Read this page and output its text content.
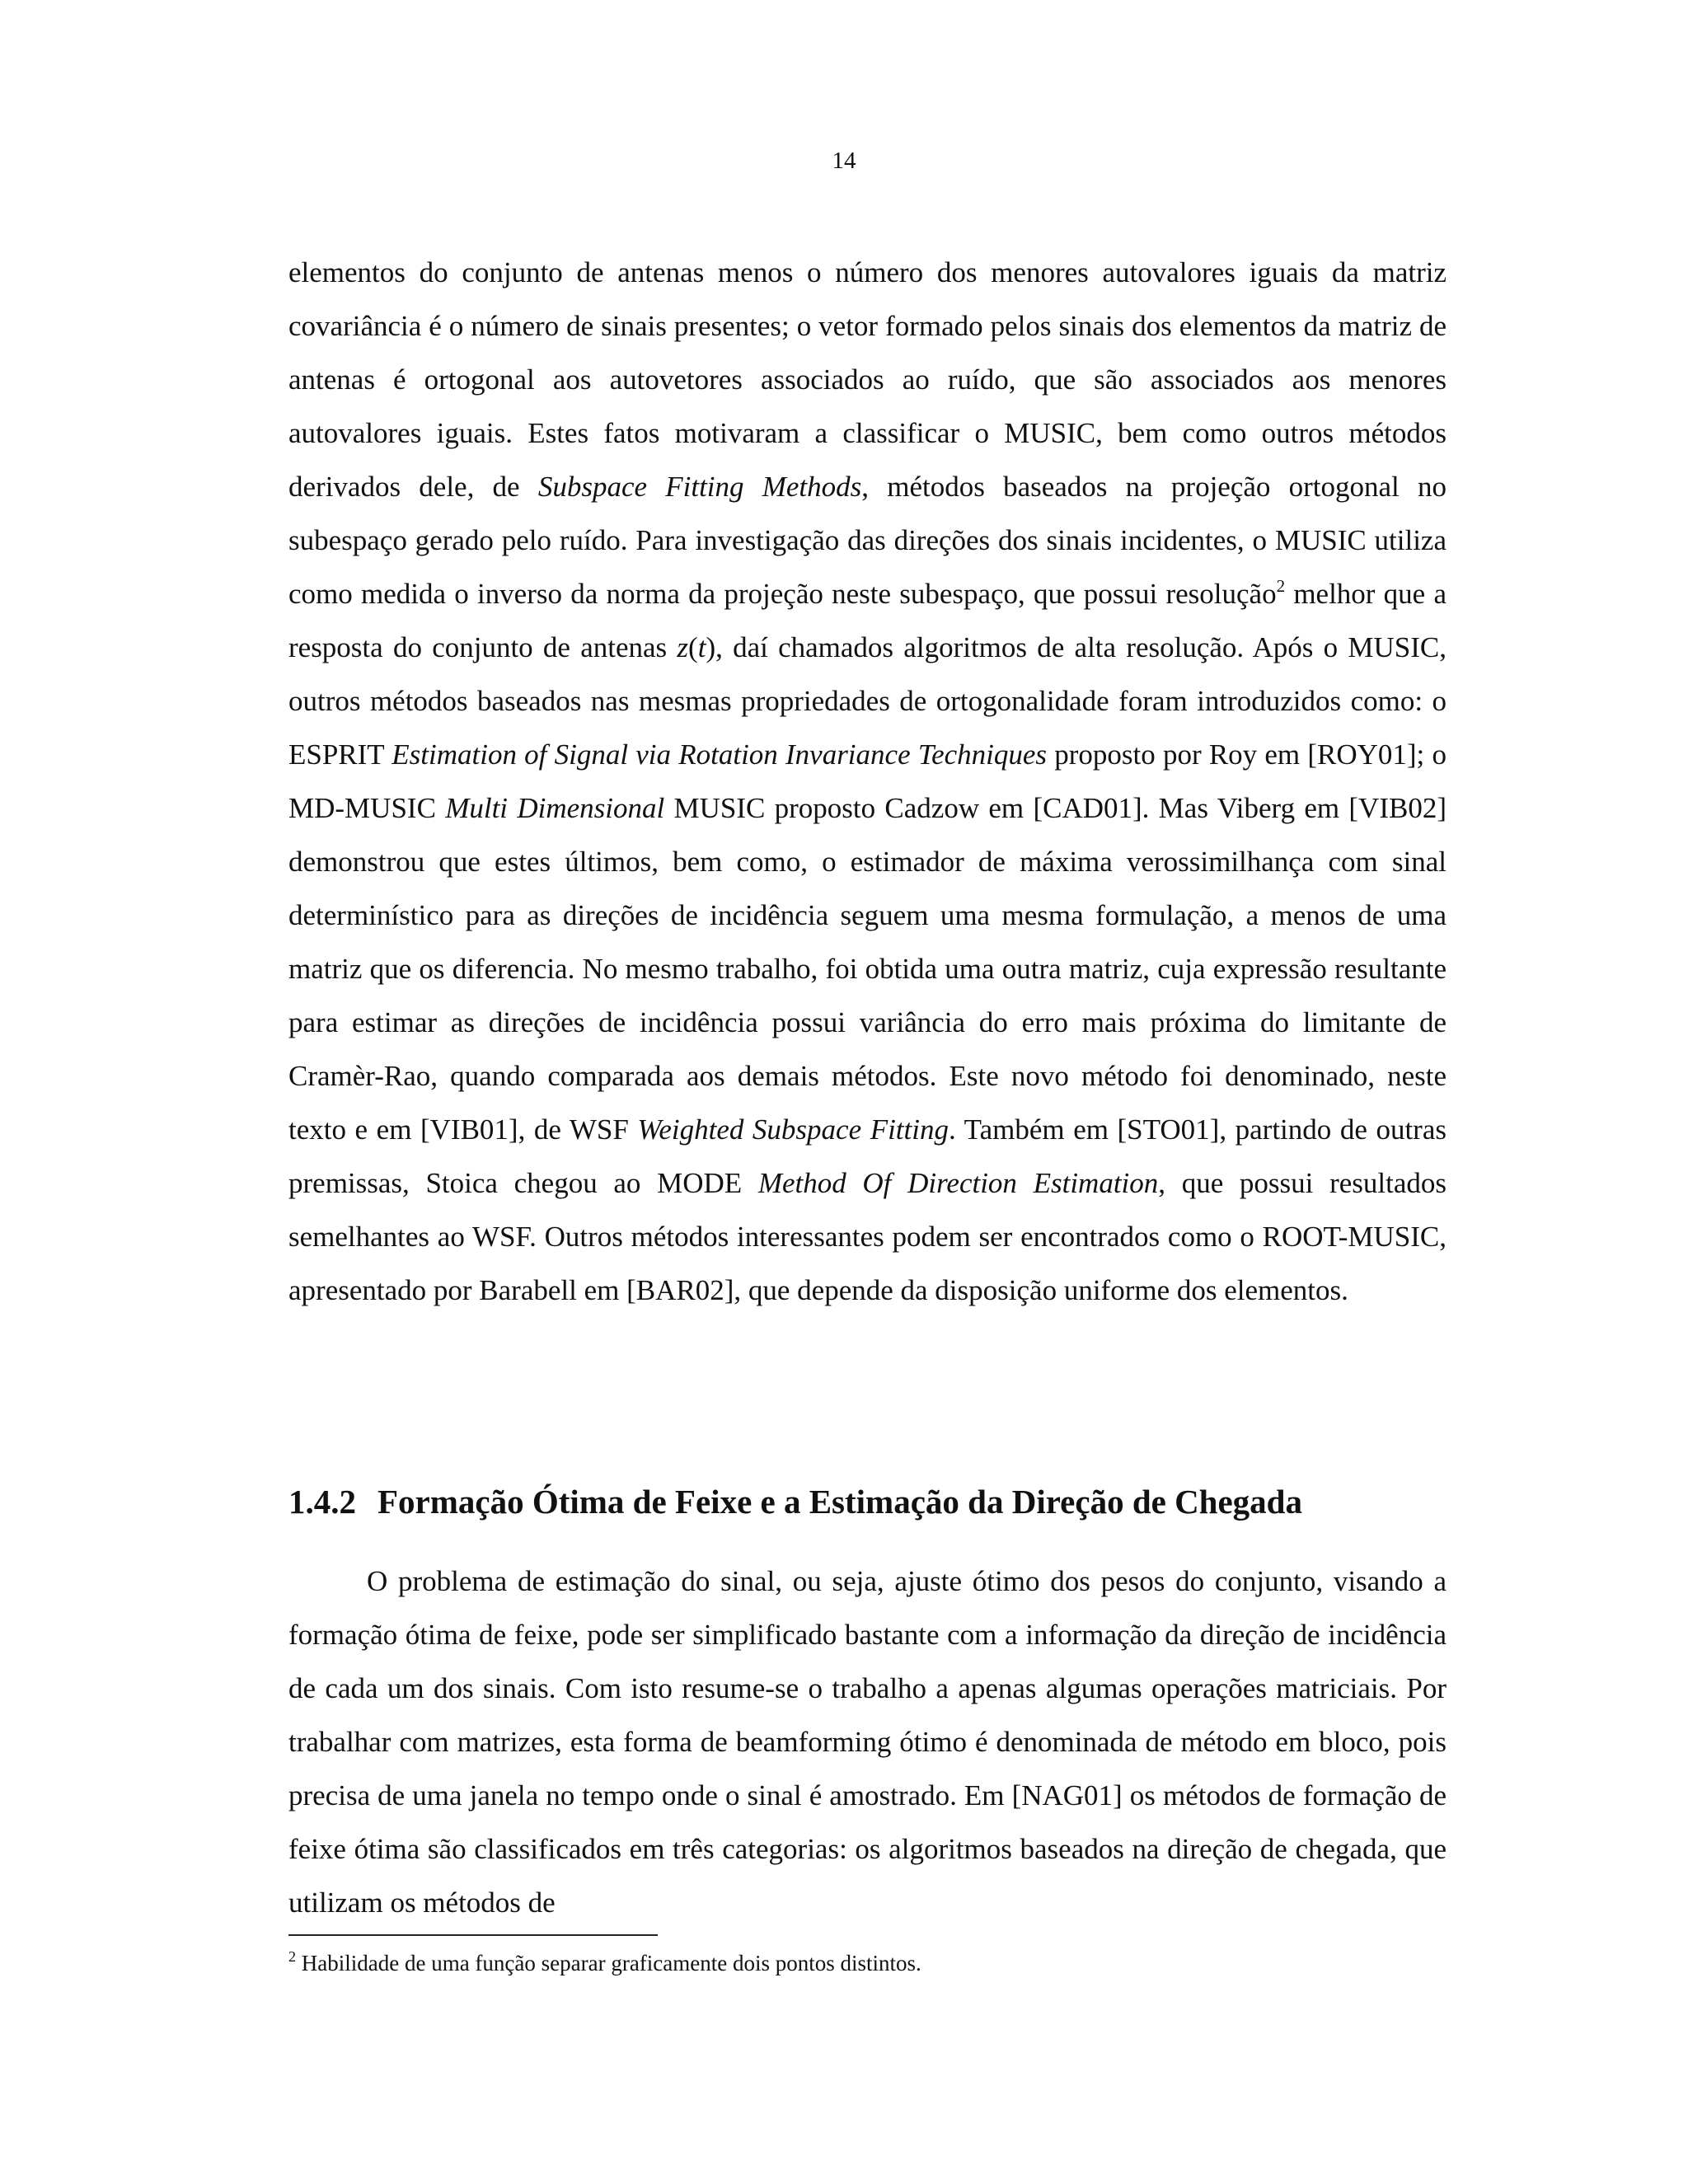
14

elementos do conjunto de antenas menos o número dos menores autovalores iguais da matriz covariância é o número de sinais presentes; o vetor formado pelos sinais dos elementos da matriz de antenas é ortogonal aos autovetores associados ao ruído, que são associados aos menores autovalores iguais. Estes fatos motivaram a classificar o MUSIC, bem como outros métodos derivados dele, de Subspace Fitting Methods, métodos baseados na projeção ortogonal no subespaço gerado pelo ruído. Para investigação das direções dos sinais incidentes, o MUSIC utiliza como medida o inverso da norma da projeção neste subespaço, que possui resolução$^2$ melhor que a resposta do conjunto de antenas z(t), daí chamados algoritmos de alta resolução. Após o MUSIC, outros métodos baseados nas mesmas propriedades de ortogonalidade foram introduzidos como: o ESPRIT Estimation of Signal via Rotation Invariance Techniques proposto por Roy em [ROY01]; o MD-MUSIC Multi Dimensional MUSIC proposto Cadzow em [CAD01]. Mas Viberg em [VIB02] demonstrou que estes últimos, bem como, o estimador de máxima verossimilhança com sinal determinístico para as direções de incidência seguem uma mesma formulação, a menos de uma matriz que os diferencia. No mesmo trabalho, foi obtida uma outra matriz, cuja expressão resultante para estimar as direções de incidência possui variância do erro mais próxima do limitante de Cramèr-Rao, quando comparada aos demais métodos. Este novo método foi denominado, neste texto e em [VIB01], de WSF Weighted Subspace Fitting. Também em [STO01], partindo de outras premissas, Stoica chegou ao MODE Method Of Direction Estimation, que possui resultados semelhantes ao WSF. Outros métodos interessantes podem ser encontrados como o ROOT-MUSIC, apresentado por Barabell em [BAR02], que depende da disposição uniforme dos elementos.

1.4.2 Formação Ótima de Feixe e a Estimação da Direção de Chegada

O problema de estimação do sinal, ou seja, ajuste ótimo dos pesos do conjunto, visando a formação ótima de feixe, pode ser simplificado bastante com a informação da direção de incidência de cada um dos sinais. Com isto resume-se o trabalho a apenas algumas operações matriciais. Por trabalhar com matrizes, esta forma de beamforming ótimo é denominada de método em bloco, pois precisa de uma janela no tempo onde o sinal é amostrado. Em [NAG01] os métodos de formação de feixe ótima são classificados em três categorias: os algoritmos baseados na direção de chegada, que utilizam os métodos de

$^2$ Habilidade de uma função separar graficamente dois pontos distintos.
